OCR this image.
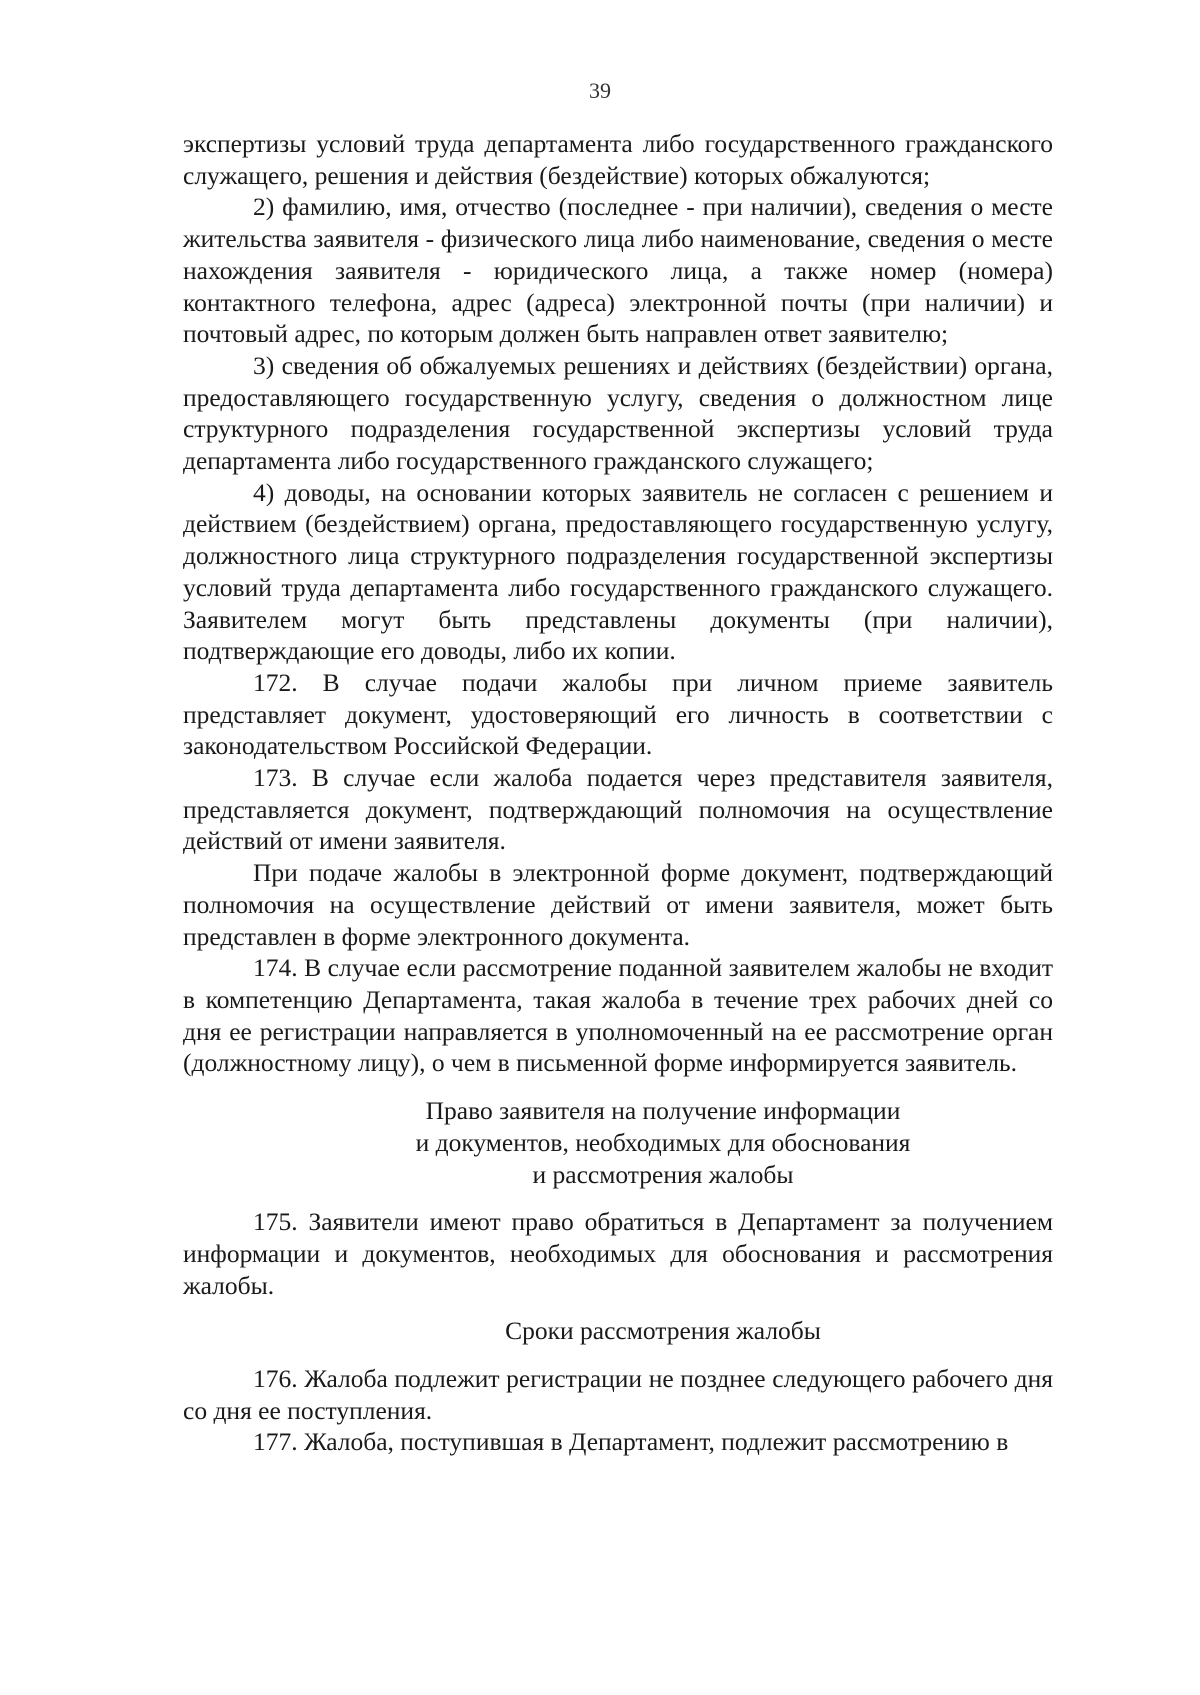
39

экспертизы условий труда департамента либо государственного гражданского служащего, решения и действия (бездействие) которых обжалуются;

2) фамилию, имя, отчество (последнее - при наличии), сведения о месте жительства заявителя - физического лица либо наименование, сведения о месте нахождения заявителя - юридического лица, а также номер (номера) контактного телефона, адрес (адреса) электронной почты (при наличии) и почтовый адрес, по которым должен быть направлен ответ заявителю;

3) сведения об обжалуемых решениях и действиях (бездействии) органа, предоставляющего государственную услугу, сведения о должностном лице структурного подразделения государственной экспертизы условий труда департамента либо государственного гражданского служащего;

4) доводы, на основании которых заявитель не согласен с решением и действием (бездействием) органа, предоставляющего государственную услугу, должностного лица структурного подразделения государственной экспертизы условий труда департамента либо государственного гражданского служащего. Заявителем могут быть представлены документы (при наличии), подтверждающие его доводы, либо их копии.

172. В случае подачи жалобы при личном приеме заявитель представляет документ, удостоверяющий его личность в соответствии с законодательством Российской Федерации.

173. В случае если жалоба подается через представителя заявителя, представляется документ, подтверждающий полномочия на осуществление действий от имени заявителя.

При подаче жалобы в электронной форме документ, подтверждающий полномочия на осуществление действий от имени заявителя, может быть представлен в форме электронного документа.

174. В случае если рассмотрение поданной заявителем жалобы не входит в компетенцию Департамента, такая жалоба в течение трех рабочих дней со дня ее регистрации направляется в уполномоченный на ее рассмотрение орган (должностному лицу), о чем в письменной форме информируется заявитель.

Право заявителя на получение информации
и документов, необходимых для обоснования
и рассмотрения жалобы

175. Заявители имеют право обратиться в Департамент за получением информации и документов, необходимых для обоснования и рассмотрения жалобы.

Сроки рассмотрения жалобы

176. Жалоба подлежит регистрации не позднее следующего рабочего дня со дня ее поступления.

177. Жалоба, поступившая в Департамент, подлежит рассмотрению в
